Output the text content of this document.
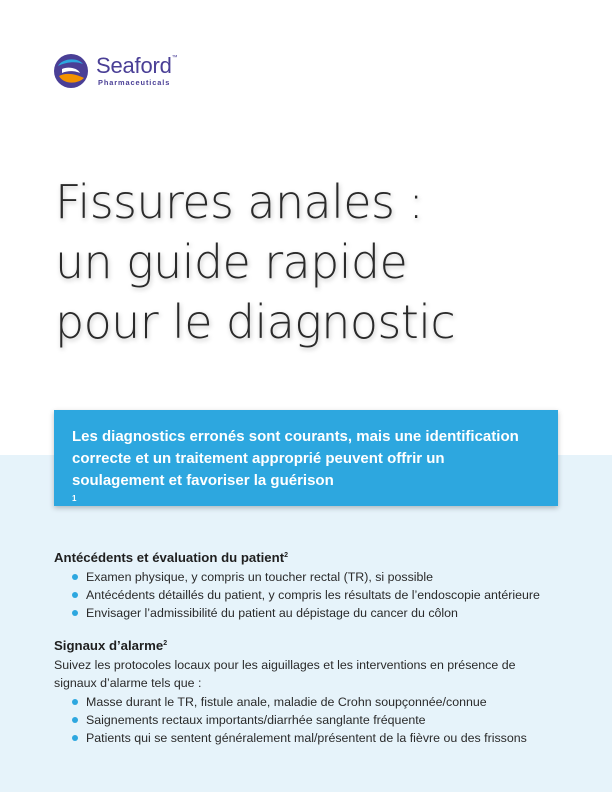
Seaford™
Pharmaceuticals
Fissures anales :
un guide rapide
pour le diagnostic
Les diagnostics erronés sont courants, mais une identification
correcte et un traitement approprié peuvent offrir un
soulagement et favoriser la guérison
$^1$
Antécédents et évaluation du patient$^2$
Examen physique, y compris un toucher rectal (TR), si possible
Antécédents détaillés du patient, y compris les résultats de l’endoscopie antérieure
Envisager l’admissibilité du patient au dépistage du cancer du côlon
Signaux d’alarme$^2$
Suivez les protocoles locaux pour les aiguillages et les interventions en présence de
signaux d’alarme tels que :
Masse durant le TR, fistule anale, maladie de Crohn soupçonnée/connue
Saignements rectaux importants/diarrhée sanglante fréquente
Patients qui se sentent généralement mal/présentent de la fièvre ou des frissons
